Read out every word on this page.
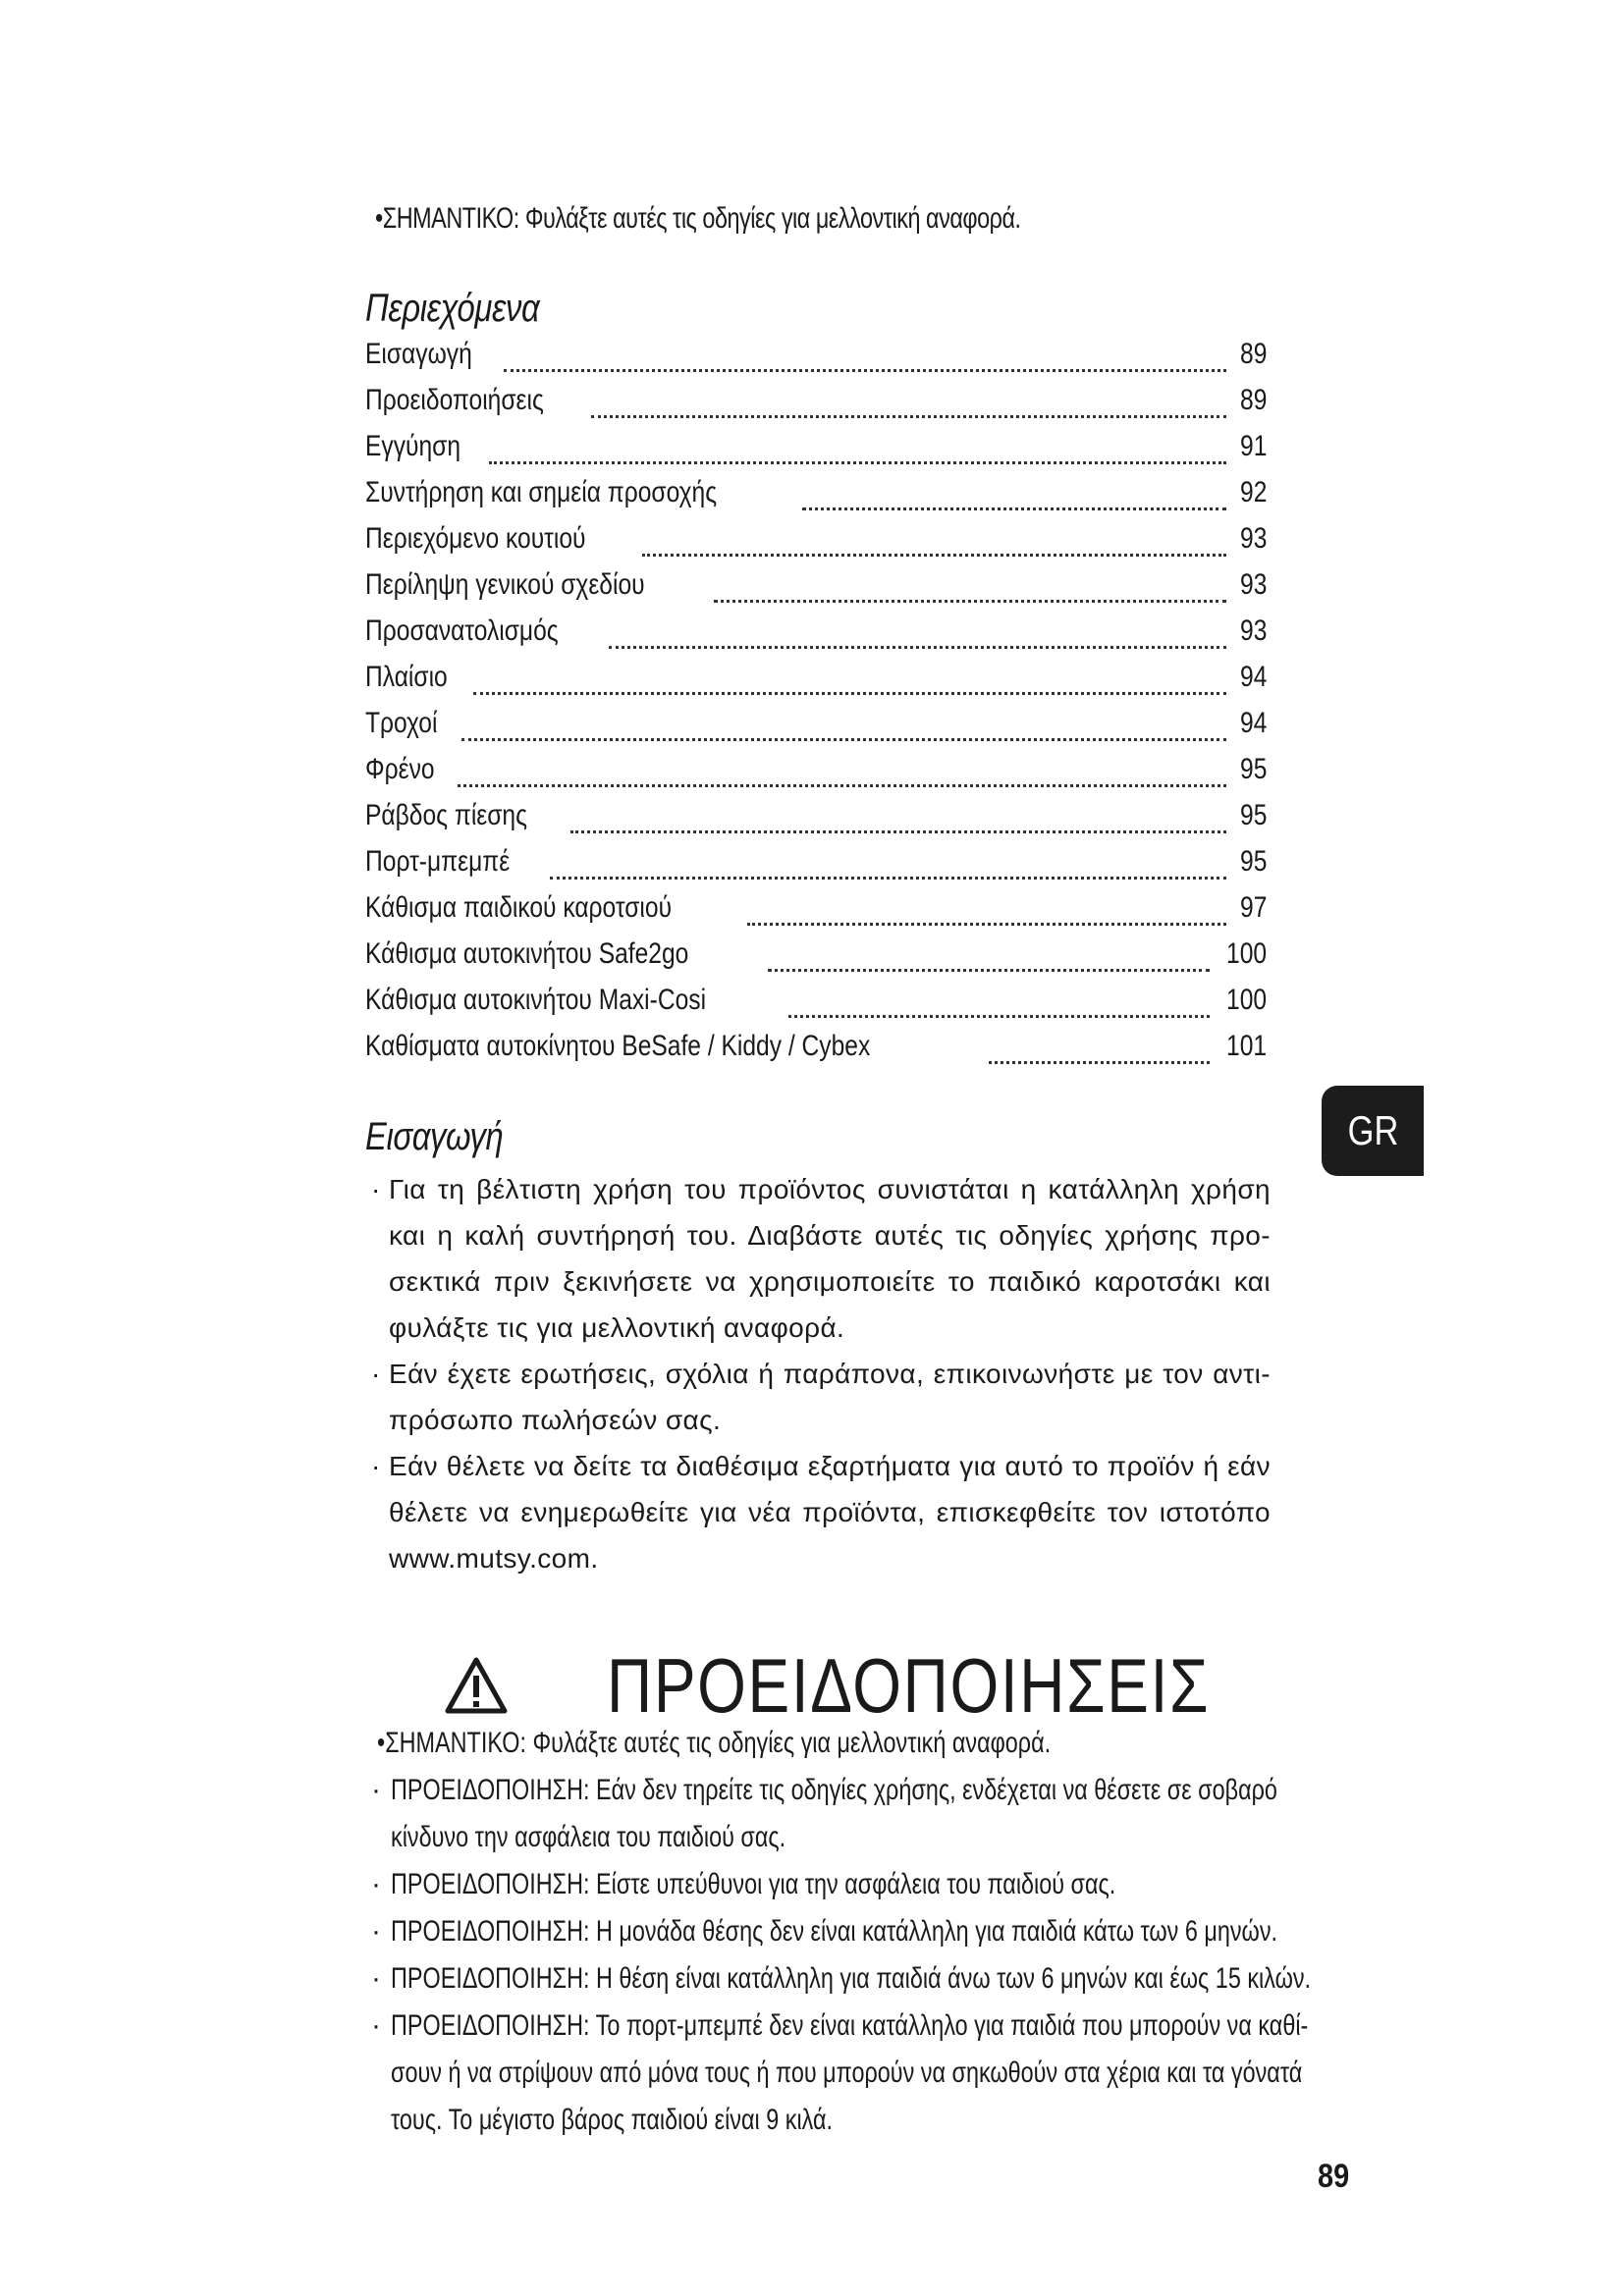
•ΣΗΜΑΝΤΙΚΟ: Φυλάξτε αυτές τις οδηγίες για μελλοντική αναφορά.
Περιεχόμενα
Εισαγωγή	89
Προειδοποιήσεις	89
Εγγύηση	91
Συντήρηση και σημεία προσοχής	92
Περιεχόμενο κουτιού	93
Περίληψη γενικού σχεδίου	93
Προσανατολισμός	93
Πλαίσιο	94
Τροχοί	94
Φρένο	95
Ράβδος πίεσης	95
Πορτ-μπεμπέ	95
Κάθισμα παιδικού καροτσιού	97
Κάθισμα αυτοκινήτου Safe2go	100
Κάθισμα αυτοκινήτου Maxi-Cosi	100
Καθίσματα αυτοκίνητου BeSafe / Kiddy / Cybex	101
GR
Εισαγωγή
· Για τη βέλτιστη χρήση του προϊόντος συνιστάται η κατάλληλη χρήση
και η καλή συντήρησή του. Διαβάστε αυτές τις οδηγίες χρήσης προ-
σεκτικά πριν ξεκινήσετε να χρησιμοποιείτε το παιδικό καροτσάκι και
φυλάξτε τις για μελλοντική αναφορά.
· Εάν έχετε ερωτήσεις, σχόλια ή παράπονα, επικοινωνήστε με τον αντι-
πρόσωπο πωλήσεών σας.
· Εάν θέλετε να δείτε τα διαθέσιμα εξαρτήματα για αυτό το προϊόν ή εάν
θέλετε να ενημερωθείτε για νέα προϊόντα, επισκεφθείτε τον ιστοτόπο
www.mutsy.com.
ΠΡΟΕΙΔΟΠΟΙΗΣΕΙΣ
•ΣΗΜΑΝΤΙΚΟ: Φυλάξτε αυτές τις οδηγίες για μελλοντική αναφορά.
· ΠΡΟΕΙΔΟΠΟΙΗΣΗ: Εάν δεν τηρείτε τις οδηγίες χρήσης, ενδέχεται να θέσετε σε σοβαρό
κίνδυνο την ασφάλεια του παιδιού σας.
· ΠΡΟΕΙΔΟΠΟΙΗΣΗ: Είστε υπεύθυνοι για την ασφάλεια του παιδιού σας.
· ΠΡΟΕΙΔΟΠΟΙΗΣΗ: Η μονάδα θέσης δεν είναι κατάλληλη για παιδιά κάτω των 6 μηνών.
· ΠΡΟΕΙΔΟΠΟΙΗΣΗ: Η θέση είναι κατάλληλη για παιδιά άνω των 6 μηνών και έως 15 κιλών.
· ΠΡΟΕΙΔΟΠΟΙΗΣΗ: Το πορτ-μπεμπέ δεν είναι κατάλληλο για παιδιά που μπορούν να καθί-
σουν ή να στρίψουν από μόνα τους ή που μπορούν να σηκωθούν στα χέρια και τα γόνατά
τους. Το μέγιστο βάρος παιδιού είναι 9 κιλά.
89
